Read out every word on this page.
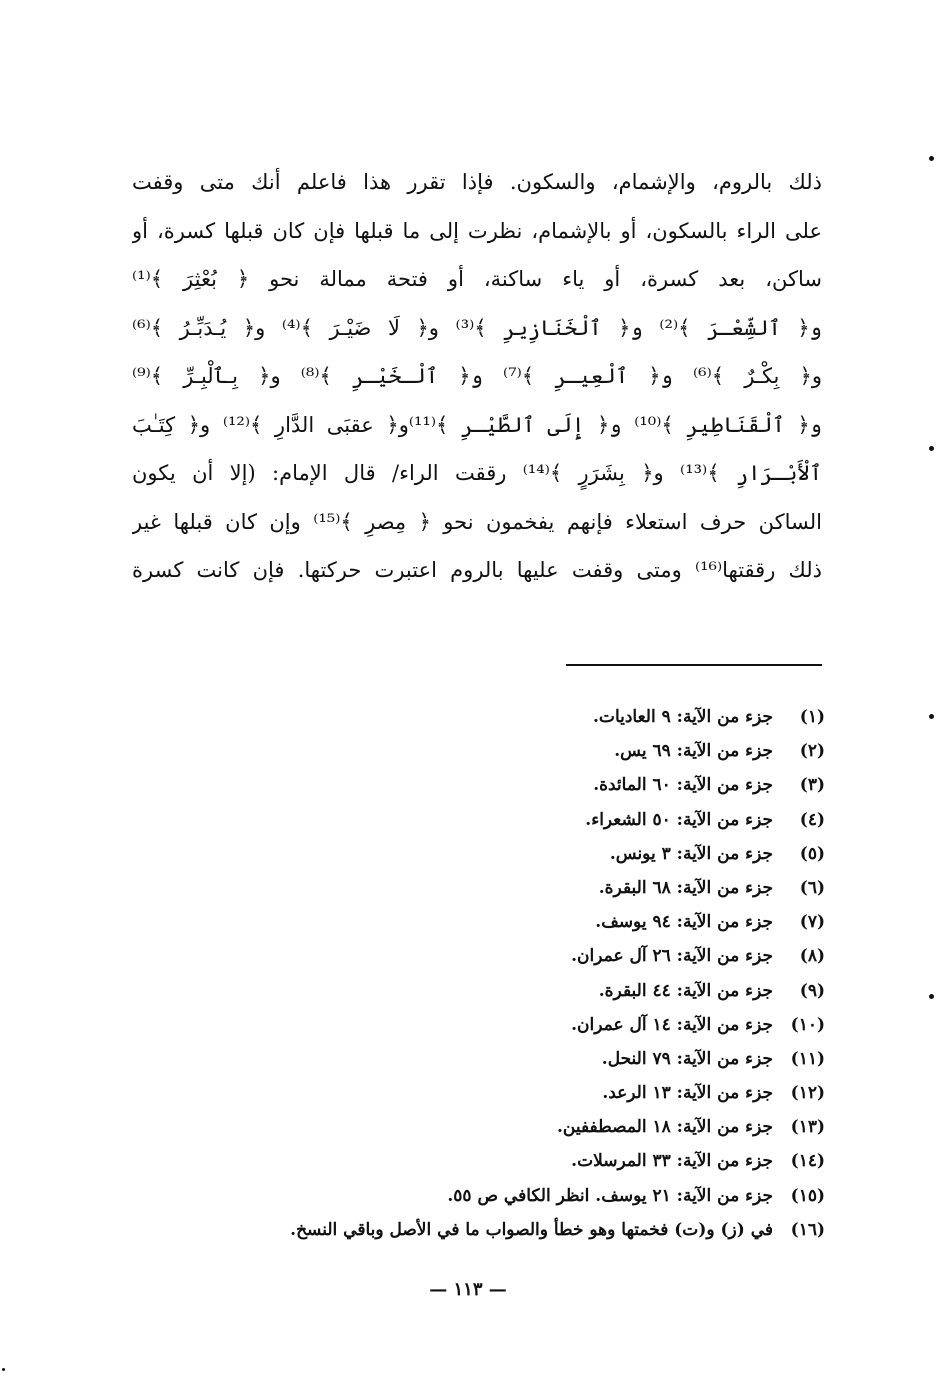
ذلك بالروم، والإشمام، والسكون. فإذا تقرر هذا فاعلم أنك متى وقفت
على الراء بالسكون، أو بالإشمام، نظرت إلى ما قبلها فإن كان قبلها كسرة، أو
ساكن، بعد كسرة، أو ياء ساكنة، أو فتحة ممالة نحو ﴿ بُعْثِرَ ﴾⁽¹⁾
و﴿ ٱلشِّعْـرَ ﴾⁽²⁾ و﴿ ٱلْخَنَازِيرِ ﴾⁽³⁾ و﴿ لَا ضَيْـرَ ﴾⁽⁴⁾ و﴿ يُـدَبِّـرُ ﴾⁽⁶⁾
و﴿ بِكْـرٌ ﴾⁽⁶⁾ و﴿ ٱلْعِيـرِ ﴾⁽⁷⁾ و﴿ ٱلْـخَيْـرِ ﴾⁽⁸⁾ و﴿ بِـٱلْبِـرِّ ﴾⁽⁹⁾
و﴿ ٱلْقَنَاطِيرِ ﴾⁽¹⁰⁾ و﴿ إِلَى ٱلطَّيْـرِ ﴾⁽¹¹⁾و﴿ عقبَى الدَّارِ ﴾⁽¹²⁾ و﴿ كِتَـٰبَ
ٱلْأَبْـرَارِ ﴾⁽¹³⁾ و﴿ بِشَرَرٍ ﴾⁽¹⁴⁾ رققت الراء/ قال الإمام: (إلا أن يكون
الساكن حرف استعلاء فإنهم يفخمون نحو ﴿ مِصرِ ﴾⁽¹⁵⁾ وإن كان قبلها غير
ذلك رققتها⁽¹⁶⁾ ومتى وقفت عليها بالروم اعتبرت حركتها. فإن كانت كسرة
(١)
جزء من الآية: ٩ العاديات.
(٢)
جزء من الآية: ٦٩ يس.
(٣)
جزء من الآية: ٦٠ المائدة.
(٤)
جزء من الآية: ٥٠ الشعراء.
(٥)
جزء من الآية: ٣ يونس.
(٦)
جزء من الآية: ٦٨ البقرة.
(٧)
جزء من الآية: ٩٤ يوسف.
(٨)
جزء من الآية: ٢٦ آل عمران.
(٩)
جزء من الآية: ٤٤ البقرة.
(١٠)
جزء من الآية: ١٤ آل عمران.
(١١)
جزء من الآية: ٧٩ النحل.
(١٢)
جزء من الآية: ١٣ الرعد.
(١٣)
جزء من الآية: ١٨ المصطففين.
(١٤)
جزء من الآية: ٣٣ المرسلات.
(١٥)
جزء من الآية: ٢١ يوسف. انظر الكافي ص ٥٥.
(١٦)
في (ز) و(ت) فخمتها وهو خطأ والصواب ما في الأصل وباقي النسخ.
— ١١٣ —
